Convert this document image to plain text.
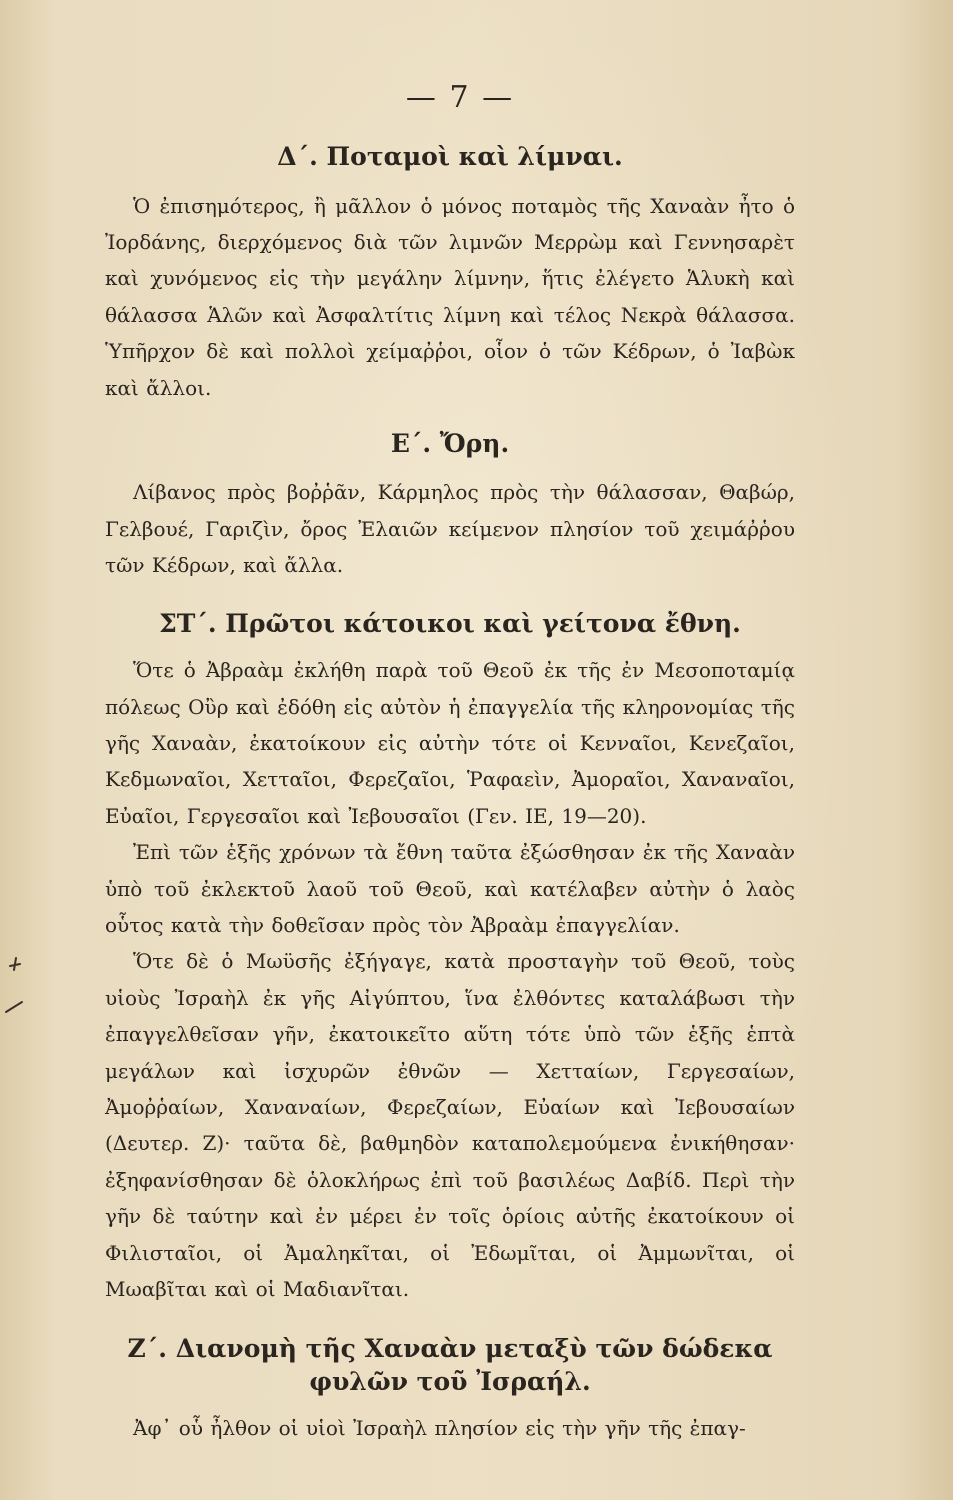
— 7 —
Δ΄. Ποταμοὶ καὶ λίμναι.

Ὁ ἐπισημότερος, ἢ μᾶλλον ὁ μόνος ποταμὸς τῆς Χαναὰν ἦτο ὁ Ἰορδάνης, διερχόμενος διὰ τῶν λιμνῶν Μερρὼμ καὶ Γεννησαρὲτ καὶ χυνόμενος εἰς τὴν μεγάλην λίμνην, ἥτις ἐλέγετο Ἁλυκὴ καὶ θάλασσα Ἁλῶν καὶ Ἀσφαλτίτις λίμνη καὶ τέλος Νεκρὰ θάλασσα. Ὑπῆρχον δὲ καὶ πολλοὶ χείμαῤῥοι, οἷον ὁ τῶν Κέδρων, ὁ Ἰαβὼκ καὶ ἄλλοι.

Ε΄. Ὄρη.

Λίβανος πρὸς βοῤῥᾶν, Κάρμηλος πρὸς τὴν θάλασσαν, Θαβώρ, Γελβουέ, Γαριζὶν, ὄρος Ἐλαιῶν κείμενον πλησίον τοῦ χειμάῤῥου τῶν Κέδρων, καὶ ἄλλα.

ΣΤ΄. Πρῶτοι κάτοικοι καὶ γείτονα ἔθνη.

Ὅτε ὁ Ἀβραὰμ ἐκλήθη παρὰ τοῦ Θεοῦ ἐκ τῆς ἐν Μεσοποταμίᾳ πόλεως Οὒρ καὶ ἐδόθη εἰς αὐτὸν ἡ ἐπαγγελία τῆς κληρονομίας τῆς γῆς Χαναὰν, ἐκατοίκουν εἰς αὐτὴν τότε οἱ Κενναῖοι, Κενεζαῖοι, Κεδμωναῖοι, Χετταῖοι, Φερεζαῖοι, Ῥαφαεὶν, Ἀμοραῖοι, Χαναναῖοι, Εὐαῖοι, Γεργεσαῖοι καὶ Ἰεβουσαῖοι (Γεν. ΙΕ, 19—20).

Ἐπὶ τῶν ἑξῆς χρόνων τὰ ἔθνη ταῦτα ἐξώσθησαν ἐκ τῆς Χαναὰν ὑπὸ τοῦ ἐκλεκτοῦ λαοῦ τοῦ Θεοῦ, καὶ κατέλαβεν αὐτὴν ὁ λαὸς οὗτος κατὰ τὴν δοθεῖσαν πρὸς τὸν Ἀβραὰμ ἐπαγγελίαν.

Ὅτε δὲ ὁ Μωϋσῆς ἐξήγαγε, κατὰ προσταγὴν τοῦ Θεοῦ, τοὺς υἱοὺς Ἰσραὴλ ἐκ γῆς Αἰγύπτου, ἵνα ἐλθόντες καταλάβωσι τὴν ἐπαγγελθεῖσαν γῆν, ἐκατοικεῖτο αὕτη τότε ὑπὸ τῶν ἑξῆς ἑπτὰ μεγάλων καὶ ἰσχυρῶν ἐθνῶν — Χετταίων, Γεργεσαίων, Ἀμοῤῥαίων, Χαναναίων, Φερεζαίων, Εὐαίων καὶ Ἰεβουσαίων (Δευτερ. Ζ)· ταῦτα δὲ, βαθμηδὸν καταπολεμούμενα ἐνικήθησαν· ἐξηφανίσθησαν δὲ ὁλοκλήρως ἐπὶ τοῦ βασιλέως Δαβίδ. Περὶ τὴν γῆν δὲ ταύτην καὶ ἐν μέρει ἐν τοῖς ὁρίοις αὐτῆς ἐκατοίκουν οἱ Φιλισταῖοι, οἱ Ἀμαληκῖται, οἱ Ἐδωμῖται, οἱ Ἀμμωνῖται, οἱ Μωαβῖται καὶ οἱ Μαδιανῖται.

Ζ΄. Διανομὴ τῆς Χαναὰν μεταξὺ τῶν δώδεκα φυλῶν τοῦ Ἰσραήλ.

Ἀφ᾽ οὗ ἦλθον οἱ υἱοὶ Ἰσραὴλ πλησίον εἰς τὴν γῆν τῆς ἐπαγ-
